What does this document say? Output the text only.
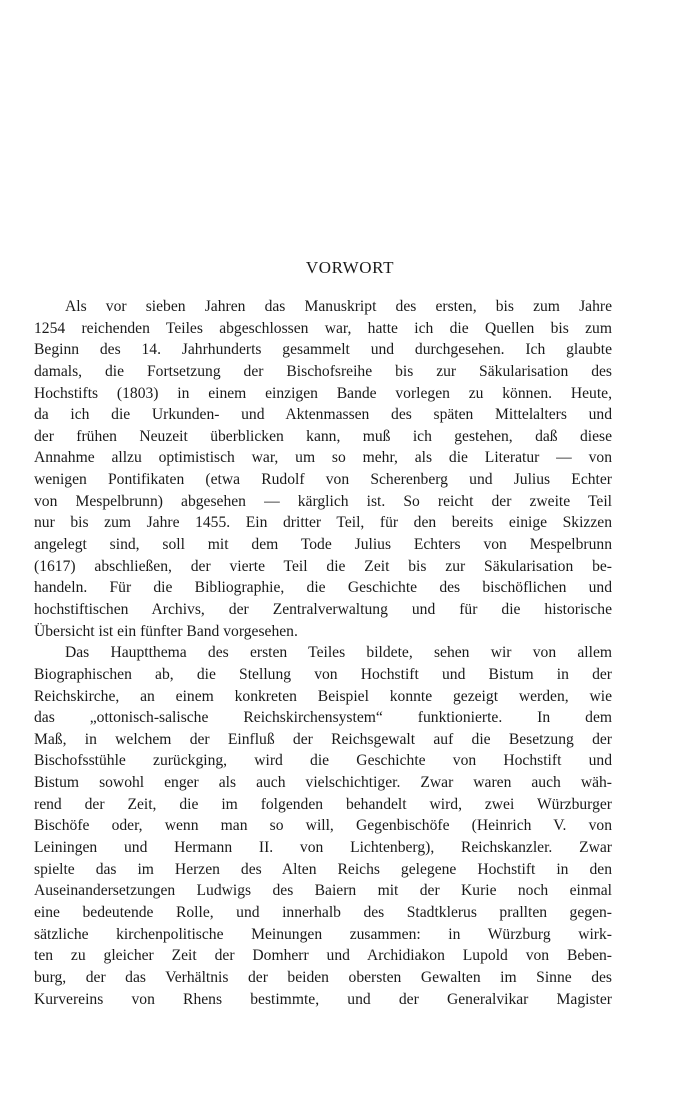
VORWORT
Als vor sieben Jahren das Manuskript des ersten, bis zum Jahre
1254 reichenden Teiles abgeschlossen war, hatte ich die Quellen bis zum
Beginn des 14. Jahrhunderts gesammelt und durchgesehen. Ich glaubte
damals, die Fortsetzung der Bischofsreihe bis zur Säkularisation des
Hochstifts (1803) in einem einzigen Bande vorlegen zu können. Heute,
da ich die Urkunden- und Aktenmassen des späten Mittelalters und
der frühen Neuzeit überblicken kann, muß ich gestehen, daß diese
Annahme allzu optimistisch war, um so mehr, als die Literatur — von
wenigen Pontifikaten (etwa Rudolf von Scherenberg und Julius Echter
von Mespelbrunn) abgesehen — kärglich ist. So reicht der zweite Teil
nur bis zum Jahre 1455. Ein dritter Teil, für den bereits einige Skizzen
angelegt sind, soll mit dem Tode Julius Echters von Mespelbrunn
(1617) abschließen, der vierte Teil die Zeit bis zur Säkularisation be-
handeln. Für die Bibliographie, die Geschichte des bischöflichen und
hochstiftischen Archivs, der Zentralverwaltung und für die historische
Übersicht ist ein fünfter Band vorgesehen.
Das Hauptthema des ersten Teiles bildete, sehen wir von allem
Biographischen ab, die Stellung von Hochstift und Bistum in der
Reichskirche, an einem konkreten Beispiel konnte gezeigt werden, wie
das „ottonisch-salische Reichskirchensystem“ funktionierte. In dem
Maß, in welchem der Einfluß der Reichsgewalt auf die Besetzung der
Bischofsstühle zurückging, wird die Geschichte von Hochstift und
Bistum sowohl enger als auch vielschichtiger. Zwar waren auch wäh-
rend der Zeit, die im folgenden behandelt wird, zwei Würzburger
Bischöfe oder, wenn man so will, Gegenbischöfe (Heinrich V. von
Leiningen und Hermann II. von Lichtenberg), Reichskanzler. Zwar
spielte das im Herzen des Alten Reichs gelegene Hochstift in den
Auseinandersetzungen Ludwigs des Baiern mit der Kurie noch einmal
eine bedeutende Rolle, und innerhalb des Stadtklerus prallten gegen-
sätzliche kirchenpolitische Meinungen zusammen: in Würzburg wirk-
ten zu gleicher Zeit der Domherr und Archidiakon Lupold von Beben-
burg, der das Verhältnis der beiden obersten Gewalten im Sinne des
Kurvereins von Rhens bestimmte, und der Generalvikar Magister
